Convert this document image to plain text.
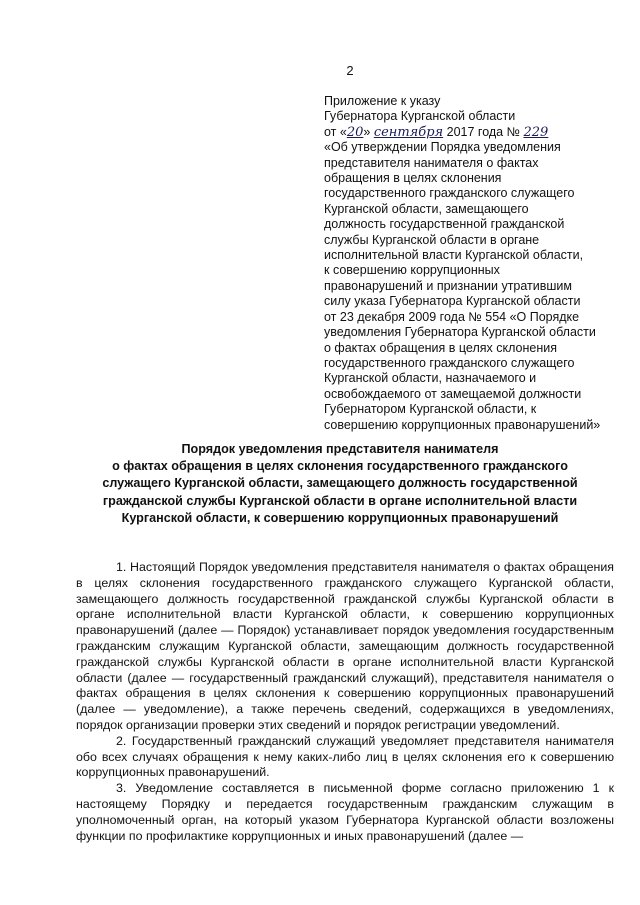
2
Приложение к указу
Губернатора Курганской области
от «20» сентября 2017 года № 229
«Об утверждении Порядка уведомления
представителя нанимателя о фактах
обращения в целях склонения
государственного гражданского служащего
Курганской области, замещающего
должность государственной гражданской
службы Курганской области в органе
исполнительной власти Курганской области,
к совершению коррупционных
правонарушений и признании утратившим
силу указа Губернатора Курганской области
от 23 декабря 2009 года № 554 «О Порядке
уведомления Губернатора Курганской области
о фактах обращения в целях склонения
государственного гражданского служащего
Курганской области, назначаемого и
освобождаемого от замещаемой должности
Губернатором Курганской области, к
совершению коррупционных правонарушений»
Порядок уведомления представителя нанимателя
о фактах обращения в целях склонения государственного гражданского
служащего Курганской области, замещающего должность государственной
гражданской службы Курганской области в органе исполнительной власти
Курганской области, к совершению коррупционных правонарушений

1. Настоящий Порядок уведомления представителя нанимателя о фактах обращения в целях склонения государственного гражданского служащего Курганской области, замещающего должность государственной гражданской службы Курганской области в органе исполнительной власти Курганской области, к совершению коррупционных правонарушений (далее — Порядок) устанавливает порядок уведомления государственным гражданским служащим Курганской области, замещающим должность государственной гражданской службы Курганской области в органе исполнительной власти Курганской области (далее — государственный гражданский служащий), представителя нанимателя о фактах обращения в целях склонения к совершению коррупционных правонарушений (далее — уведомление), а также перечень сведений, содержащихся в уведомлениях, порядок организации проверки этих сведений и порядок регистрации уведомлений.

2. Государственный гражданский служащий уведомляет представителя нанимателя обо всех случаях обращения к нему каких-либо лиц в целях склонения его к совершению коррупционных правонарушений.

3. Уведомление составляется в письменной форме согласно приложению 1 к настоящему Порядку и передается государственным гражданским служащим в уполномоченный орган, на который указом Губернатора Курганской области возложены функции по профилактике коррупционных и иных правонарушений (далее —
